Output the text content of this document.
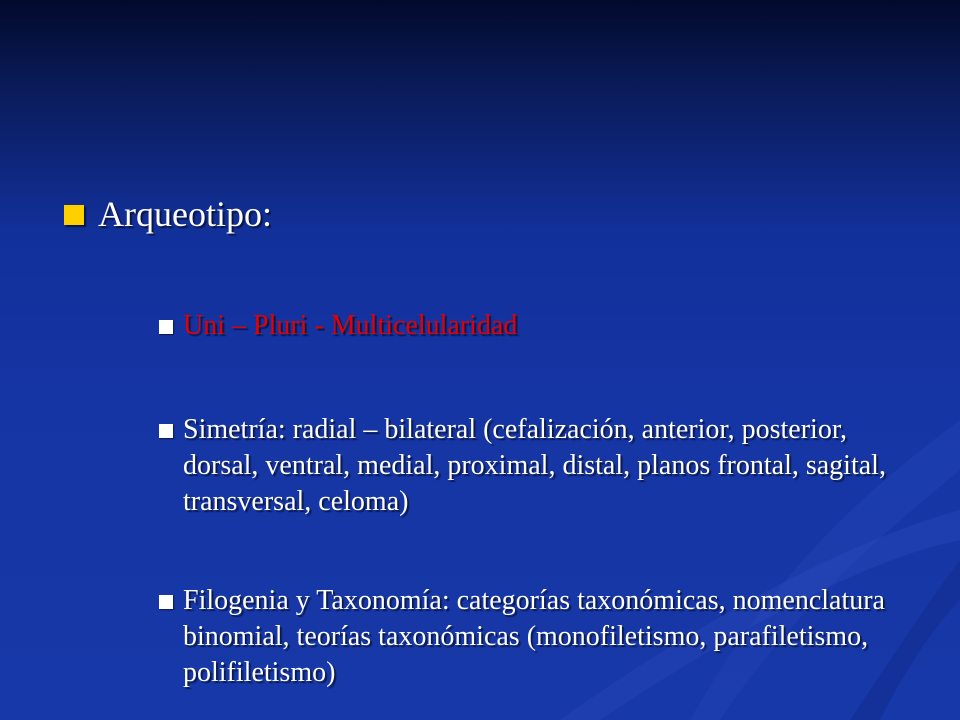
Arqueotipo:
Uni – Pluri - Multicelularidad
Simetría: radial – bilateral (cefalización, anterior, posterior, dorsal, ventral, medial, proximal, distal, planos frontal, sagital, transversal, celoma)
Filogenia y Taxonomía: categorías taxonómicas, nomenclatura binomial, teorías taxonómicas (monofiletismo, parafiletismo, polifiletismo)
